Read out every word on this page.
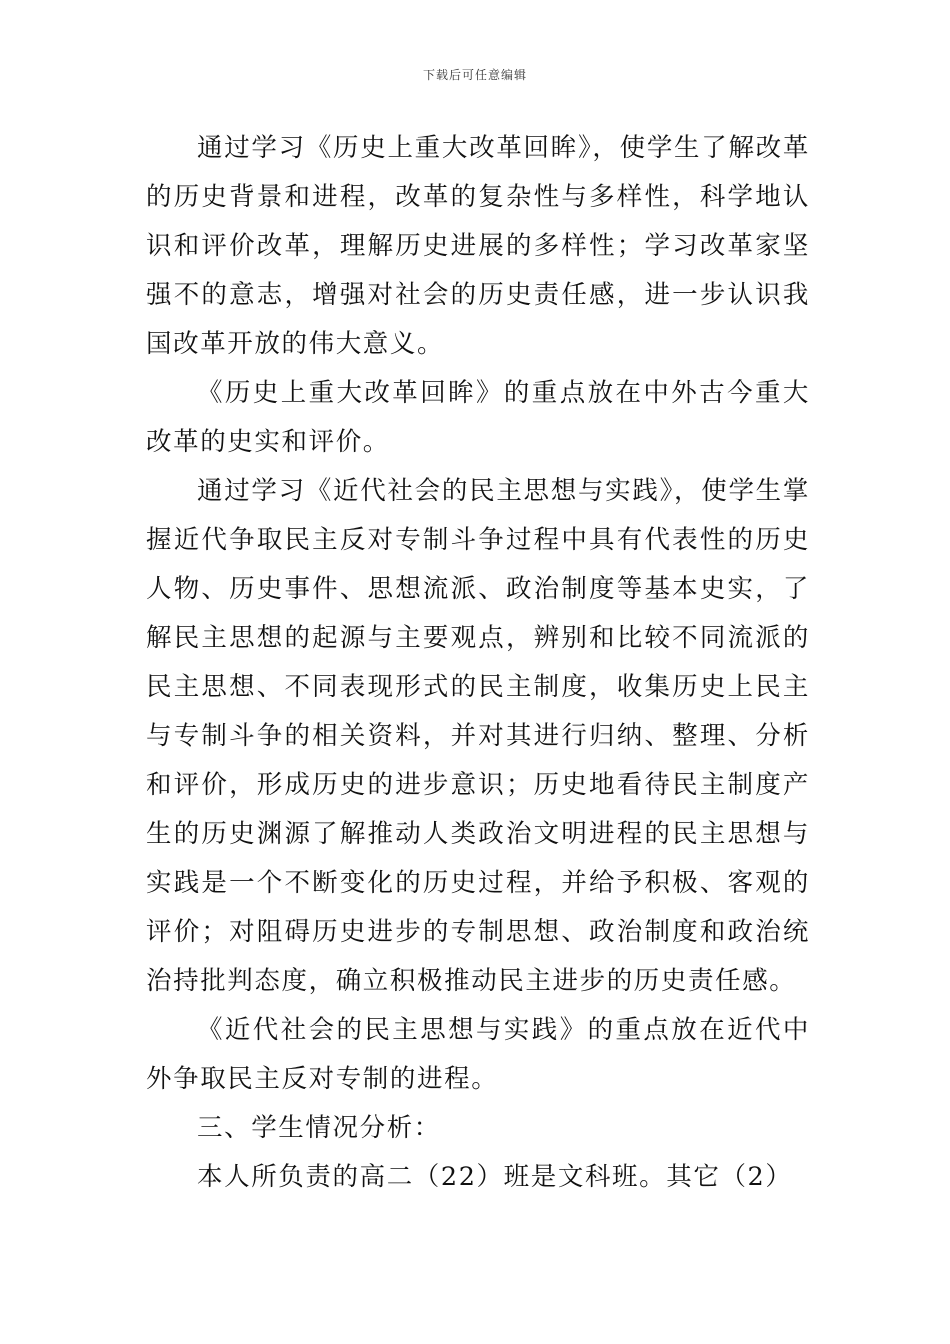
下载后可任意编辑

通过学习《历史上重大改革回眸》，使学生了解改革的历史背景和进程，改革的复杂性与多样性，科学地认识和评价改革，理解历史进展的多样性；学习改革家坚强不的意志，增强对社会的历史责任感，进一步认识我国改革开放的伟大意义。

《历史上重大改革回眸》的重点放在中外古今重大改革的史实和评价。

通过学习《近代社会的民主思想与实践》，使学生掌握近代争取民主反对专制斗争过程中具有代表性的历史人物、历史事件、思想流派、政治制度等基本史实，了解民主思想的起源与主要观点，辨别和比较不同流派的民主思想、不同表现形式的民主制度，收集历史上民主与专制斗争的相关资料，并对其进行归纳、整理、分析和评价，形成历史的进步意识；历史地看待民主制度产生的历史渊源了解推动人类政治文明进程的民主思想与实践是一个不断变化的历史过程，并给予积极、客观的评价；对阻碍历史进步的专制思想、政治制度和政治统治持批判态度，确立积极推动民主进步的历史责任感。

《近代社会的民主思想与实践》的重点放在近代中外争取民主反对专制的进程。

三、学生情况分析：

本人所负责的高二（22）班是文科班。其它（2）
